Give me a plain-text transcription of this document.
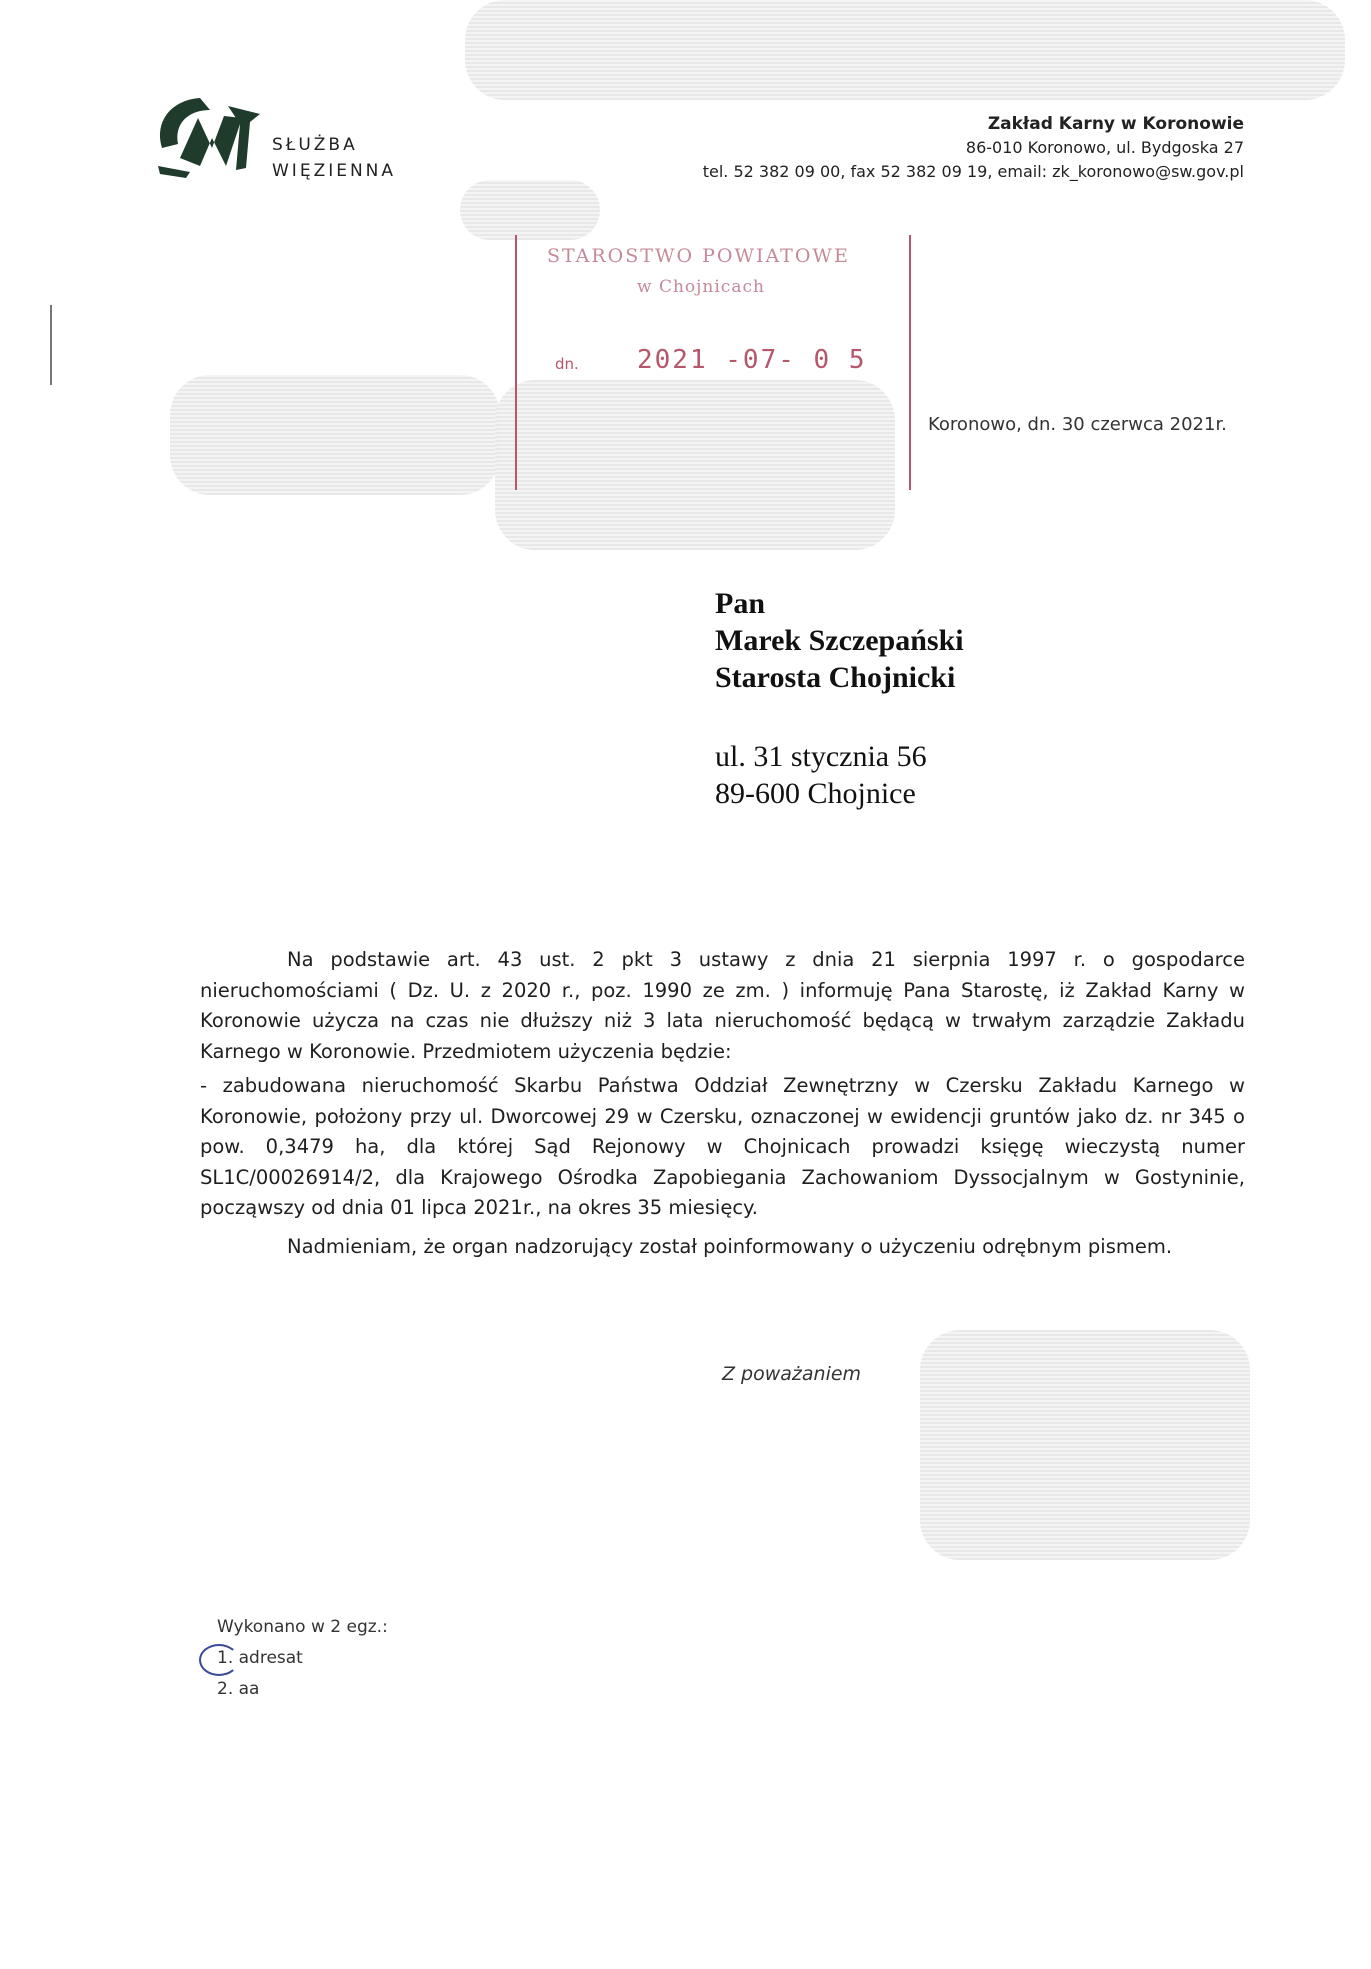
SŁUŻBA
WIĘZIENNA
Zakład Karny w Koronowie
86-010 Koronowo, ul. Bydgoska 27
tel. 52 382 09 00, fax 52 382 09 19, email: zk_koronowo@sw.gov.pl
STAROSTWO POWIATOWE
w Chojnicach
dn. 2021 -07- 0 5
Koronowo, dn. 30 czerwca 2021r.
Pan
Marek Szczepański
Starosta Chojnicki
ul. 31 stycznia 56
89-600 Chojnice

Na podstawie art. 43 ust. 2 pkt 3 ustawy z dnia 21 sierpnia 1997 r. o gospodarce nieruchomościami ( Dz. U. z 2020 r., poz. 1990 ze zm. ) informuję Pana Starostę, iż Zakład Karny w Koronowie użycza na czas nie dłuższy niż 3 lata nieruchomość będącą w trwałym zarządzie Zakładu Karnego w Koronowie. Przedmiotem użyczenia będzie:

- zabudowana nieruchomość Skarbu Państwa Oddział Zewnętrzny w Czersku Zakładu Karnego w Koronowie, położony przy ul. Dworcowej 29 w Czersku, oznaczonej w ewidencji gruntów jako dz. nr 345 o pow. 0,3479 ha, dla której Sąd Rejonowy w Chojnicach prowadzi księgę wieczystą numer SL1C/00026914/2, dla Krajowego Ośrodka Zapobiegania Zachowaniom Dyssocjalnym w Gostyninie, począwszy od dnia 01 lipca 2021r., na okres 35 miesięcy.

Nadmieniam, że organ nadzorujący został poinformowany o użyczeniu odrębnym pismem.

Z poważaniem
Wykonano w 2 egz.:
1. adresat
2. aa
